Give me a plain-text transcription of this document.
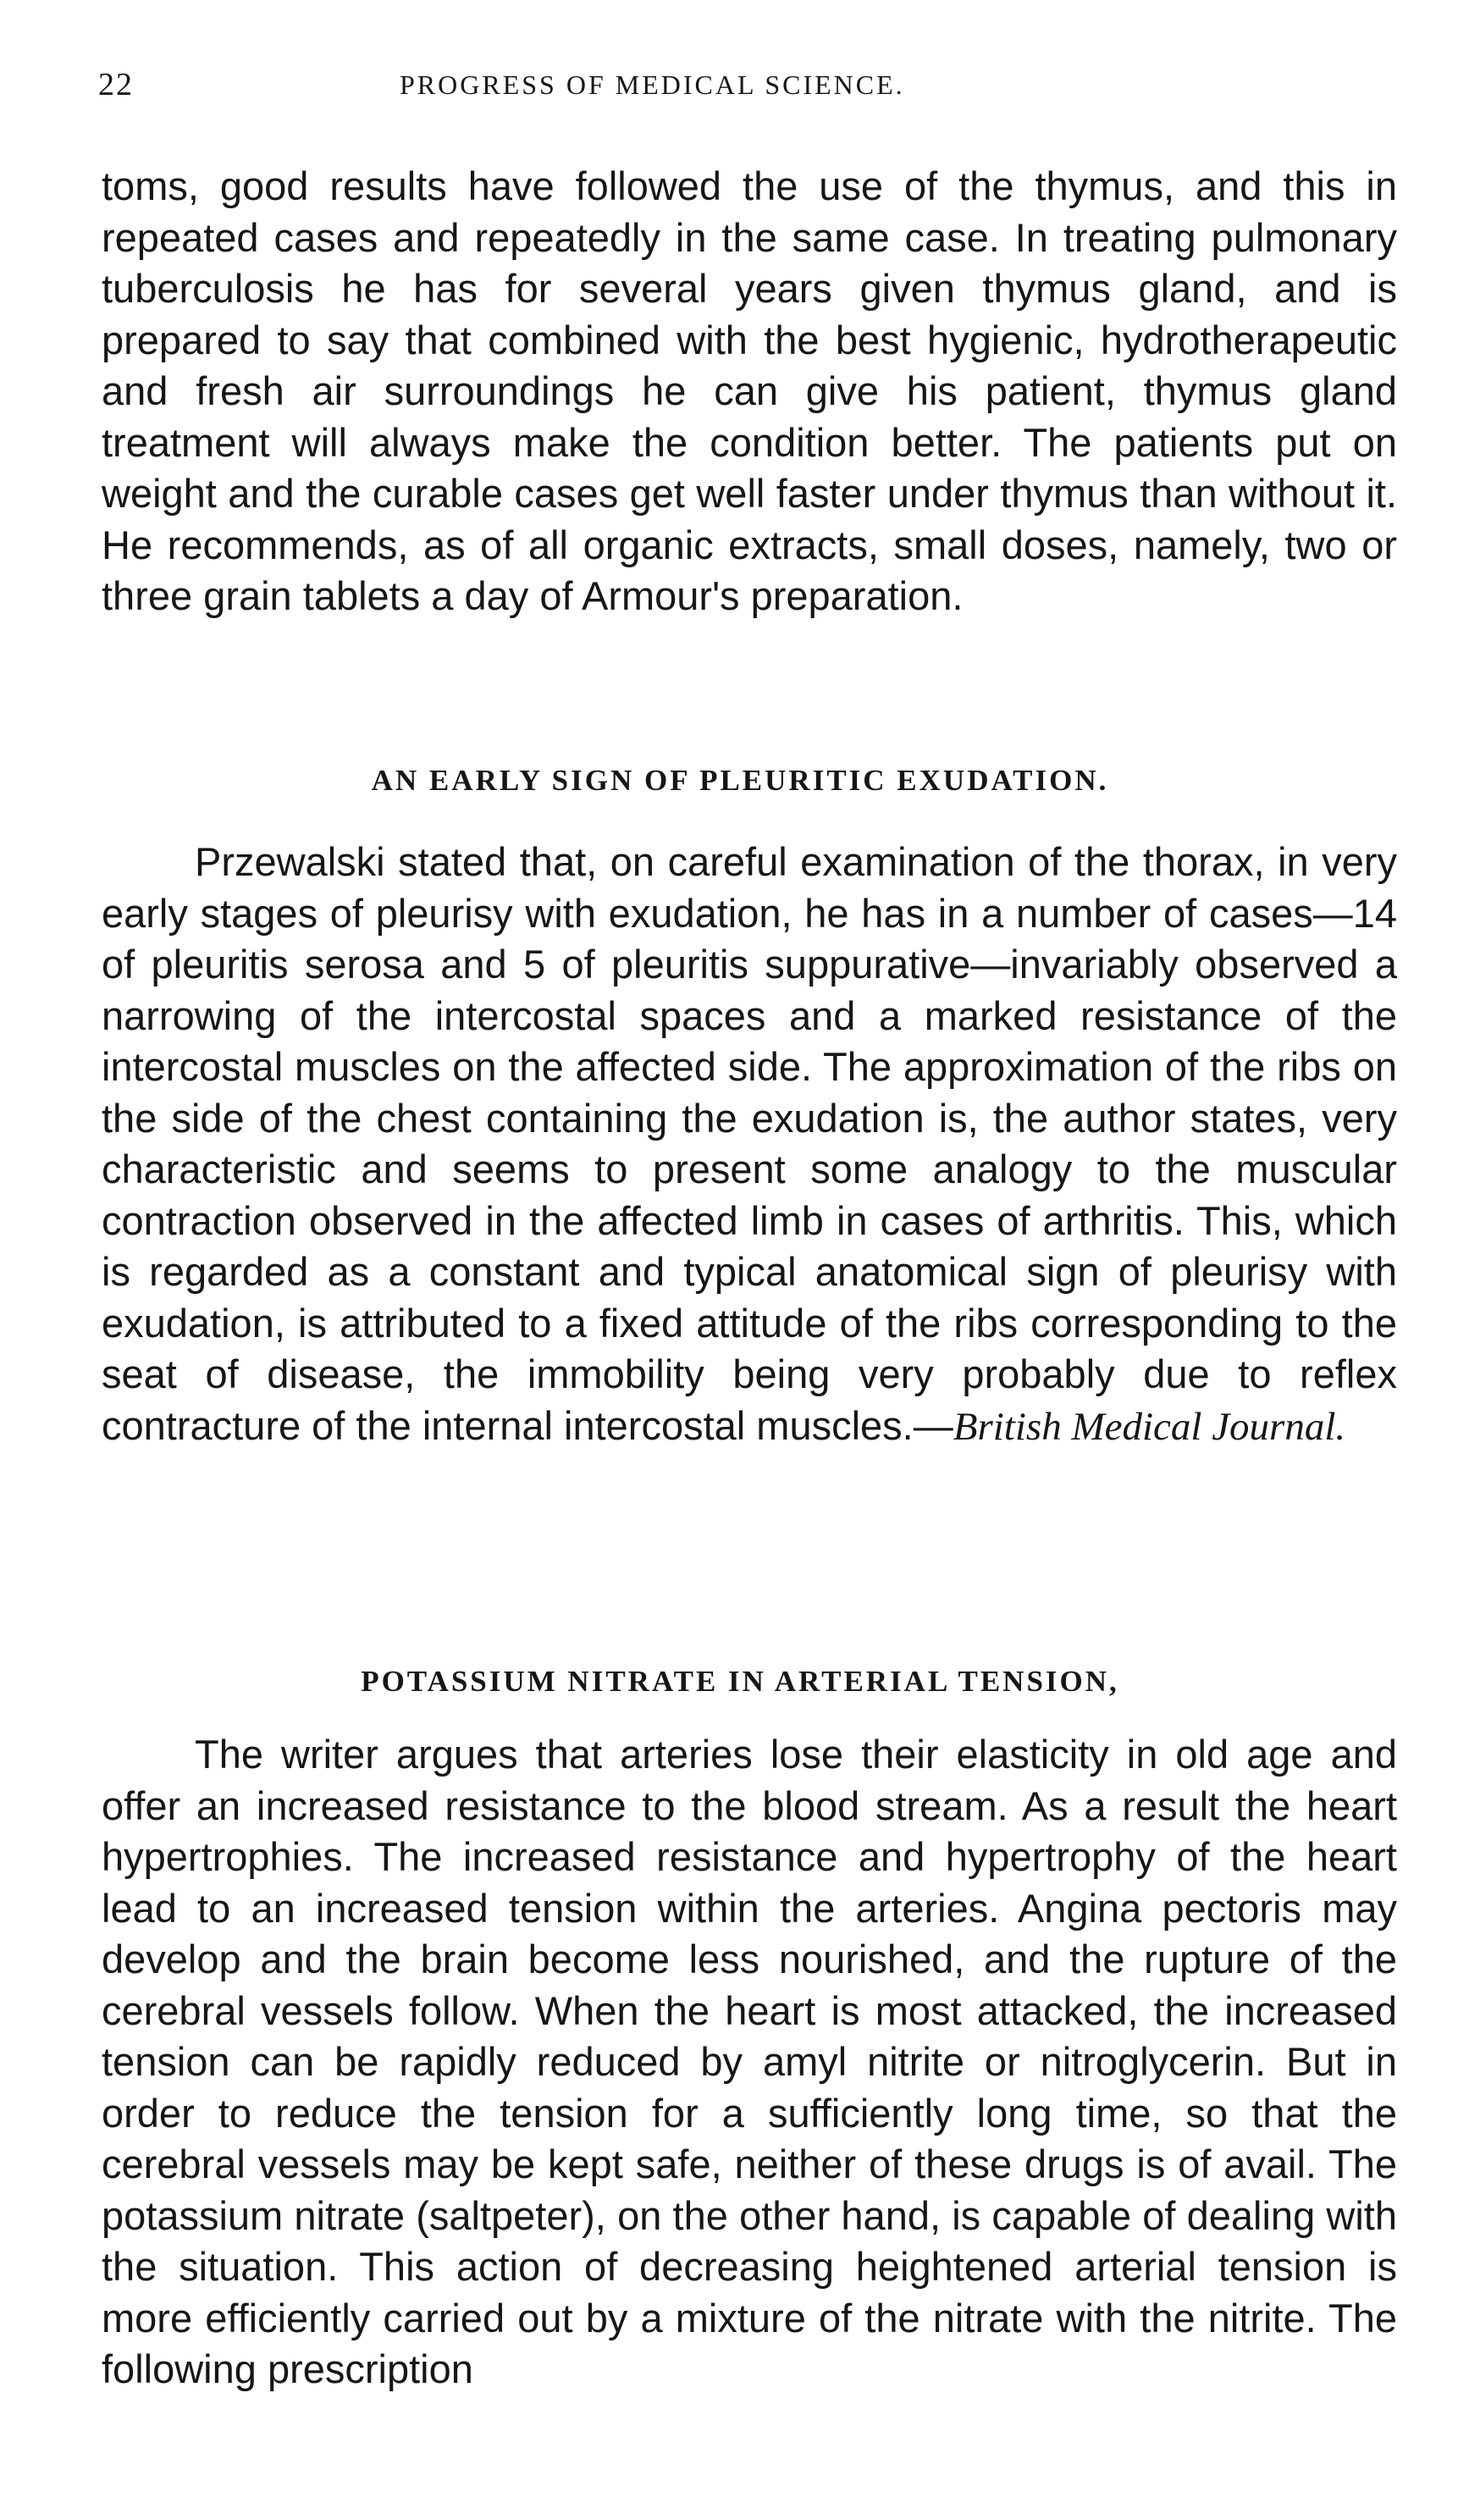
22	PROGRESS OF MEDICAL SCIENCE.

toms, good results have followed the use of the thymus, and this in repeated cases and repeatedly in the same case. In treating pulmonary tuberculosis he has for several years given thymus gland, and is prepared to say that combined with the best hygienic, hydrotherapeutic and fresh air surroundings he can give his patient, thymus gland treatment will always make the condition better. The patients put on weight and the curable cases get well faster under thymus than without it. He recommends, as of all organic extracts, small doses, namely, two or three grain tablets a day of Armour's preparation.

AN EARLY SIGN OF PLEURITIC EXUDATION.

Przewalski stated that, on careful examination of the thorax, in very early stages of pleurisy with exudation, he has in a number of cases—14 of pleuritis serosa and 5 of pleuritis suppurative—invariably observed a narrowing of the intercostal spaces and a marked resistance of the intercostal muscles on the affected side. The approximation of the ribs on the side of the chest containing the exudation is, the author states, very characteristic and seems to present some analogy to the muscular contraction observed in the affected limb in cases of arthritis. This, which is regarded as a constant and typical anatomical sign of pleurisy with exudation, is attributed to a fixed attitude of the ribs corresponding to the seat of disease, the immobility being very probably due to reflex contracture of the internal intercostal muscles.—British Medical Journal.

POTASSIUM NITRATE IN ARTERIAL TENSION,

The writer argues that arteries lose their elasticity in old age and offer an increased resistance to the blood stream. As a result the heart hypertrophies. The increased resistance and hypertrophy of the heart lead to an increased tension within the arteries. Angina pectoris may develop and the brain become less nourished, and the rupture of the cerebral vessels follow. When the heart is most attacked, the increased tension can be rapidly reduced by amyl nitrite or nitroglycerin. But in order to reduce the tension for a sufficiently long time, so that the cerebral vessels may be kept safe, neither of these drugs is of avail. The potassium nitrate (saltpeter), on the other hand, is capable of dealing with the situation. This action of decreasing heightened arterial tension is more efficiently carried out by a mixture of the nitrate with the nitrite. The following prescription
